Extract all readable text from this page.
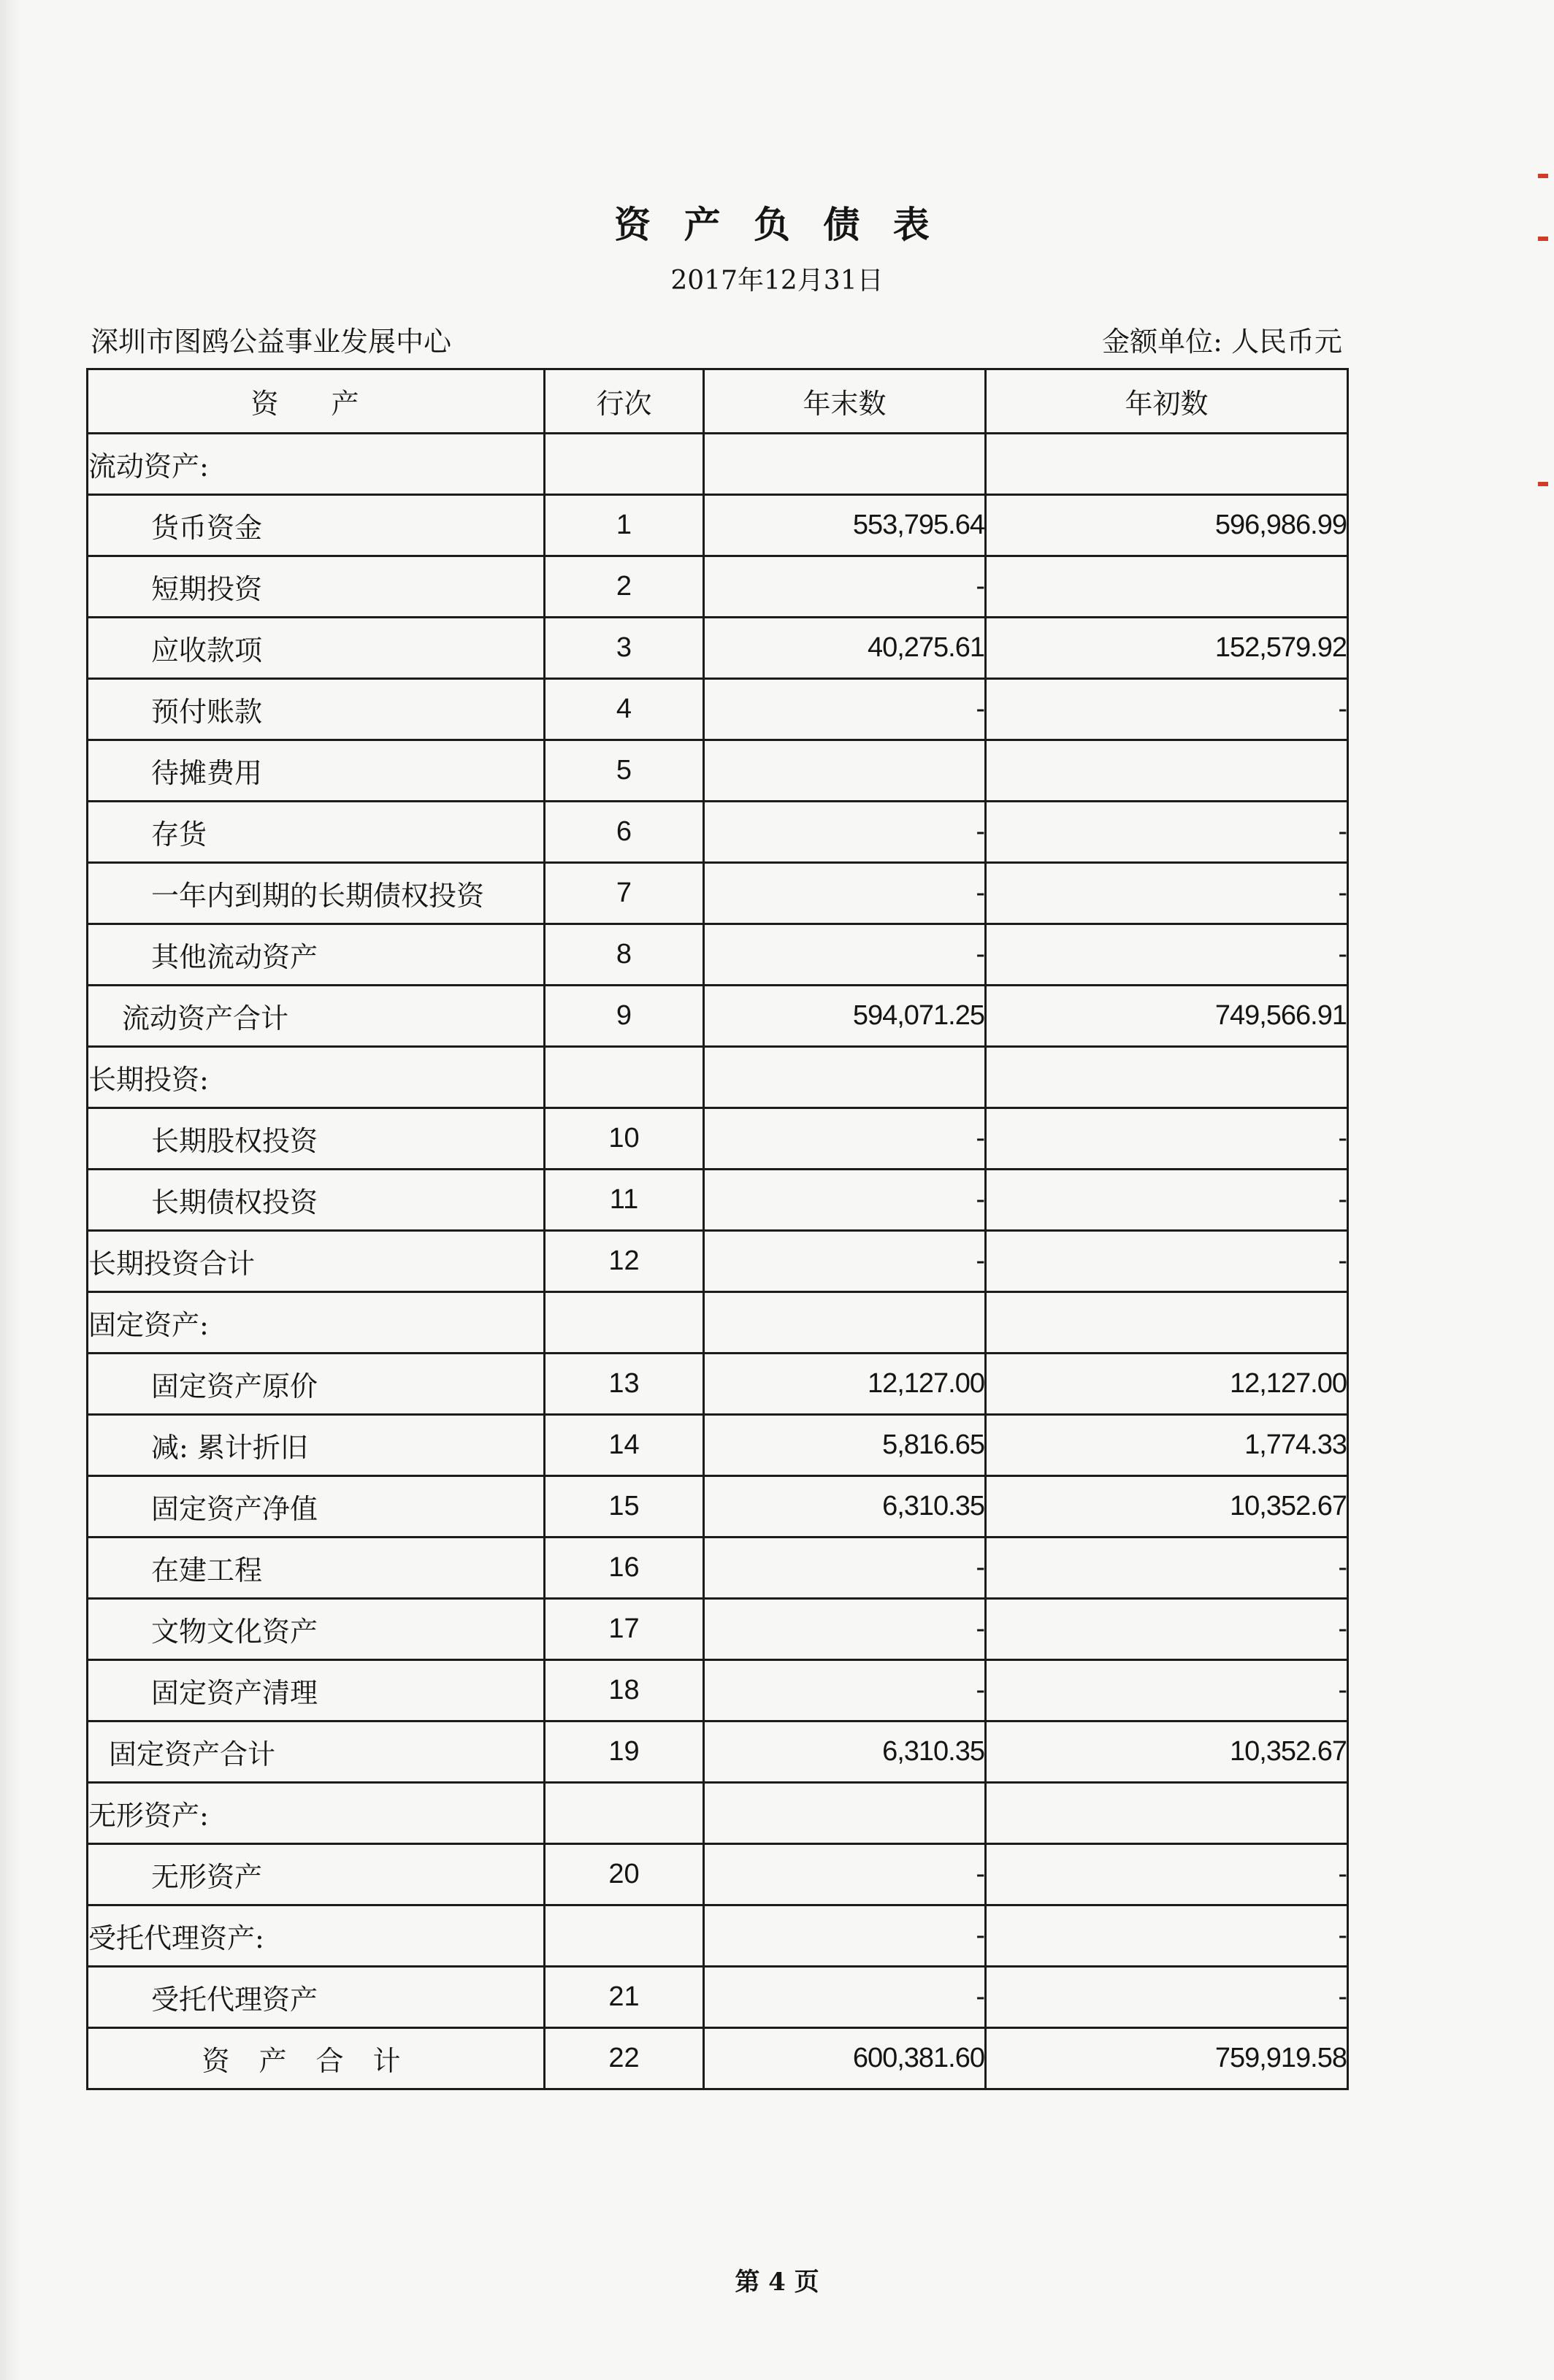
资 产 负 债 表
2017年12月31日
深圳市图鸥公益事业发展中心	金额单位: 人民币元
资 产	行次	年末数	年初数
流动资产:			
货币资金	1	553,795.64	596,986.99
短期投资	2	-	
应收款项	3	40,275.61	152,579.92
预付账款	4	-	-
待摊费用	5		
存货	6	-	-
一年内到期的长期债权投资	7	-	-
其他流动资产	8	-	-
流动资产合计	9	594,071.25	749,566.91
长期投资:			
长期股权投资	10	-	-
长期债权投资	11	-	-
长期投资合计	12	-	-
固定资产:			
固定资产原价	13	12,127.00	12,127.00
减: 累计折旧	14	5,816.65	1,774.33
固定资产净值	15	6,310.35	10,352.67
在建工程	16	-	-
文物文化资产	17	-	-
固定资产清理	18	-	-
固定资产合计	19	6,310.35	10,352.67
无形资产:			
无形资产	20	-	-
受托代理资产:		-	-
受托代理资产	21	-	-
资产合计	22	600,381.60	759,919.58
第 4 页
